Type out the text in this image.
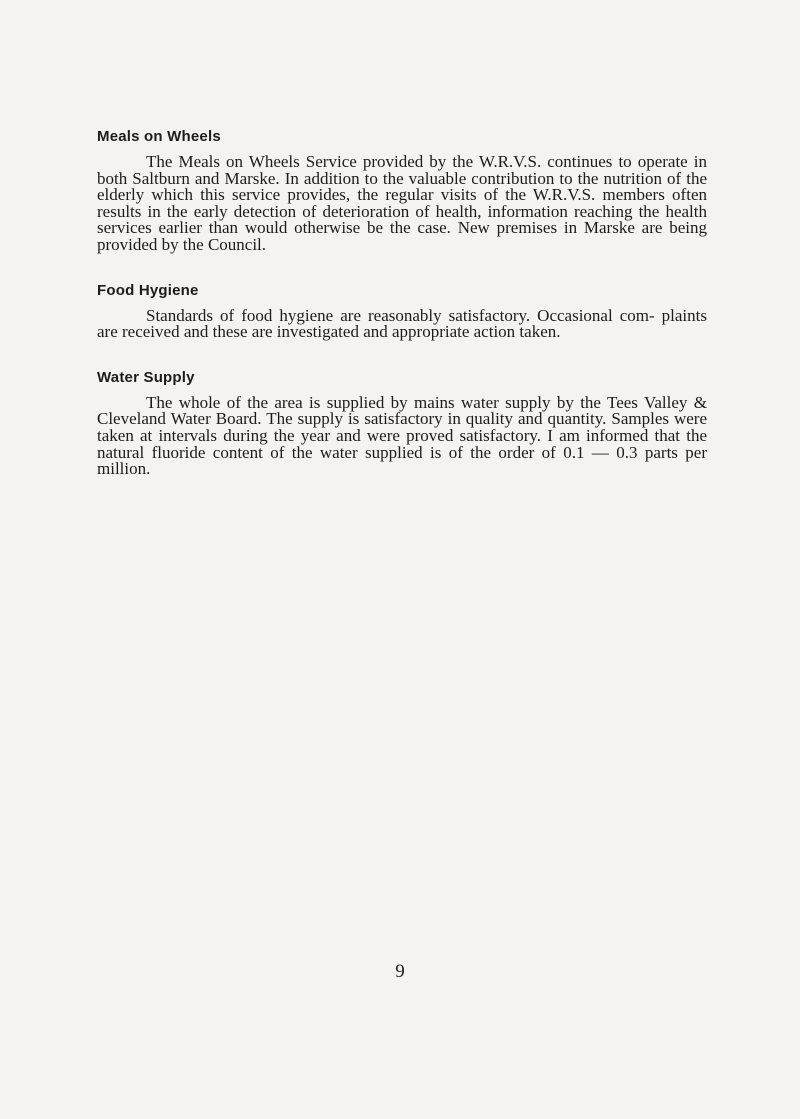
Meals on Wheels

The Meals on Wheels Service provided by the W.R.V.S. continues to operate in both Saltburn and Marske. In addition to the valuable contribution to the nutrition of the elderly which this service provides, the regular visits of the W.R.V.S. members often results in the early detection of deterioration of health, information reaching the health services earlier than would otherwise be the case. New premises in Marske are being provided by the Council.

Food Hygiene

Standards of food hygiene are reasonably satisfactory. Occasional com- plaints are received and these are investigated and appropriate action taken.

Water Supply

The whole of the area is supplied by mains water supply by the Tees Valley & Cleveland Water Board. The supply is satisfactory in quality and quantity. Samples were taken at intervals during the year and were proved satisfactory. I am informed that the natural fluoride content of the water supplied is of the order of 0.1 — 0.3 parts per million.

9
